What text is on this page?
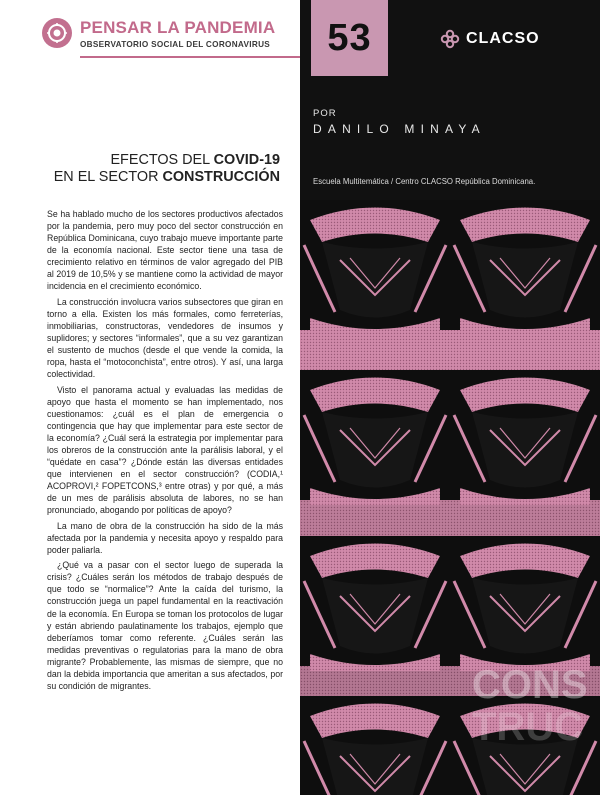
PENSAR LA PANDEMIA
OBSERVATORIO SOCIAL DEL CORONAVIRUS 53	CLACSO
POR
DANILO MINAYA
Escuela Multitemática / Centro CLACSO República Dominicana.
CONS
TRUC
EFECTOS DEL COVID-19
EN EL SECTOR CONSTRUCCIÓN

Se ha hablado mucho de los sectores productivos afectados por la pandemia, pero muy poco del sector construcción en República Dominicana, cuyo trabajo mueve importante parte de la economía nacional. Este sector tiene una tasa de crecimiento relativo en términos de valor agregado del PIB al 2019 de 10,5% y se mantiene como la actividad de mayor incidencia en el crecimiento económico.

La construcción involucra varios subsectores que giran en torno a ella. Existen los más formales, como ferreterías, inmobiliarias, constructoras, vendedores de insumos y suplidores; y sectores “informales”, que a su vez garantizan el sustento de muchos (desde el que vende la comida, la ropa, hasta el “motoconchista”, entre otros). Y así, una larga colectividad.

Visto el panorama actual y evaluadas las medidas de apoyo que hasta el momento se han implementado, nos cuestionamos: ¿cuál es el plan de emergencia o contingencia que hay que implementar para este sector de la economía? ¿Cuál será la estrategia por implementar para los obreros de la construcción ante la parálisis laboral, y el “quédate en casa”? ¿Dónde están las diversas entidades que intervienen en el sector construcción? (CODIA,¹ ACOPROVI,² FOPETCONS,³ entre otras) y por qué, a más de un mes de parálisis absoluta de labores, no se han pronunciado, abogando por políticas de apoyo?

La mano de obra de la construcción ha sido de la más afectada por la pandemia y necesita apoyo y respaldo para poder paliarla.

¿Qué va a pasar con el sector luego de superada la crisis? ¿Cuáles serán los métodos de trabajo después de que todo se “normalice”? Ante la caída del turismo, la construcción juega un papel fundamental en la reactivación de la economía. En Europa se toman los protocolos de lugar y están abriendo paulatinamente los trabajos, ejemplo que deberíamos tomar como referente. ¿Cuáles serán las medidas preventivas o regulatorias para la mano de obra migrante? Probablemente, las mismas de siempre, que no dan la debida importancia que ameritan a sus afectados, por su condición de migrantes.
